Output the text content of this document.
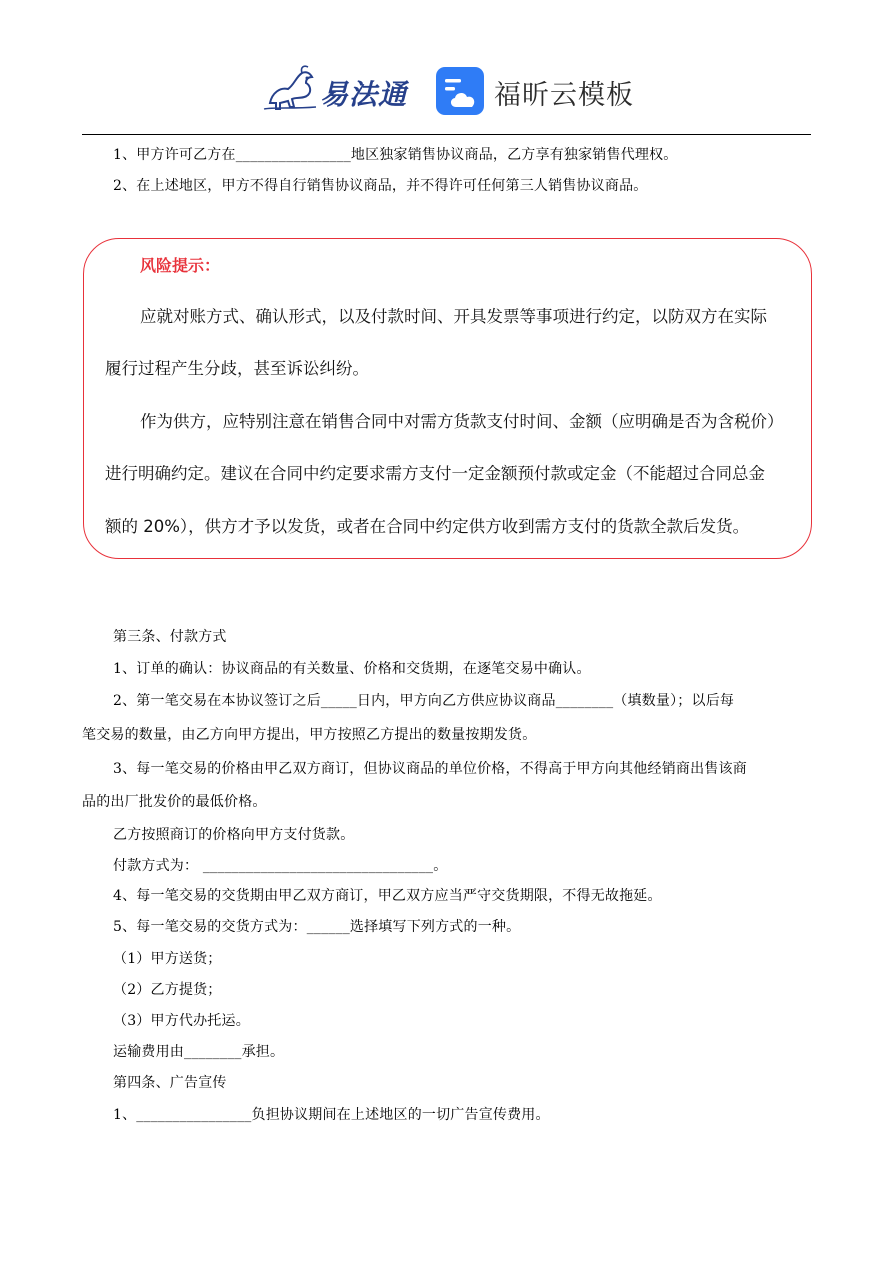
易法通	福昕云模板
1、甲方许可乙方在________________地区独家销售协议商品，乙方享有独家销售代理权。
2、在上述地区，甲方不得自行销售协议商品，并不得许可任何第三人销售协议商品。
风险提示：
应就对账方式、确认形式，以及付款时间、开具发票等事项进行约定，以防双方在实际
履行过程产生分歧，甚至诉讼纠纷。
作为供方，应特别注意在销售合同中对需方货款支付时间、金额（应明确是否为含税价）
进行明确约定。建议在合同中约定要求需方支付一定金额预付款或定金（不能超过合同总金
额的 20%），供方才予以发货，或者在合同中约定供方收到需方支付的货款全款后发货。
第三条、付款方式
1、订单的确认：协议商品的有关数量、价格和交货期，在逐笔交易中确认。
2、第一笔交易在本协议签订之后_____日内，甲方向乙方供应协议商品________（填数量）；以后每
笔交易的数量，由乙方向甲方提出，甲方按照乙方提出的数量按期发货。
3、每一笔交易的价格由甲乙双方商订，但协议商品的单位价格，不得高于甲方向其他经销商出售该商
品的出厂批发价的最低价格。
乙方按照商订的价格向甲方支付货款。
付款方式为： ________________________________。
4、每一笔交易的交货期由甲乙双方商订，甲乙双方应当严守交货期限，不得无故拖延。
5、每一笔交易的交货方式为：______选择填写下列方式的一种。
（1）甲方送货；
（2）乙方提货；
（3）甲方代办托运。
运输费用由________承担。
第四条、广告宣传
1、________________负担协议期间在上述地区的一切广告宣传费用。
